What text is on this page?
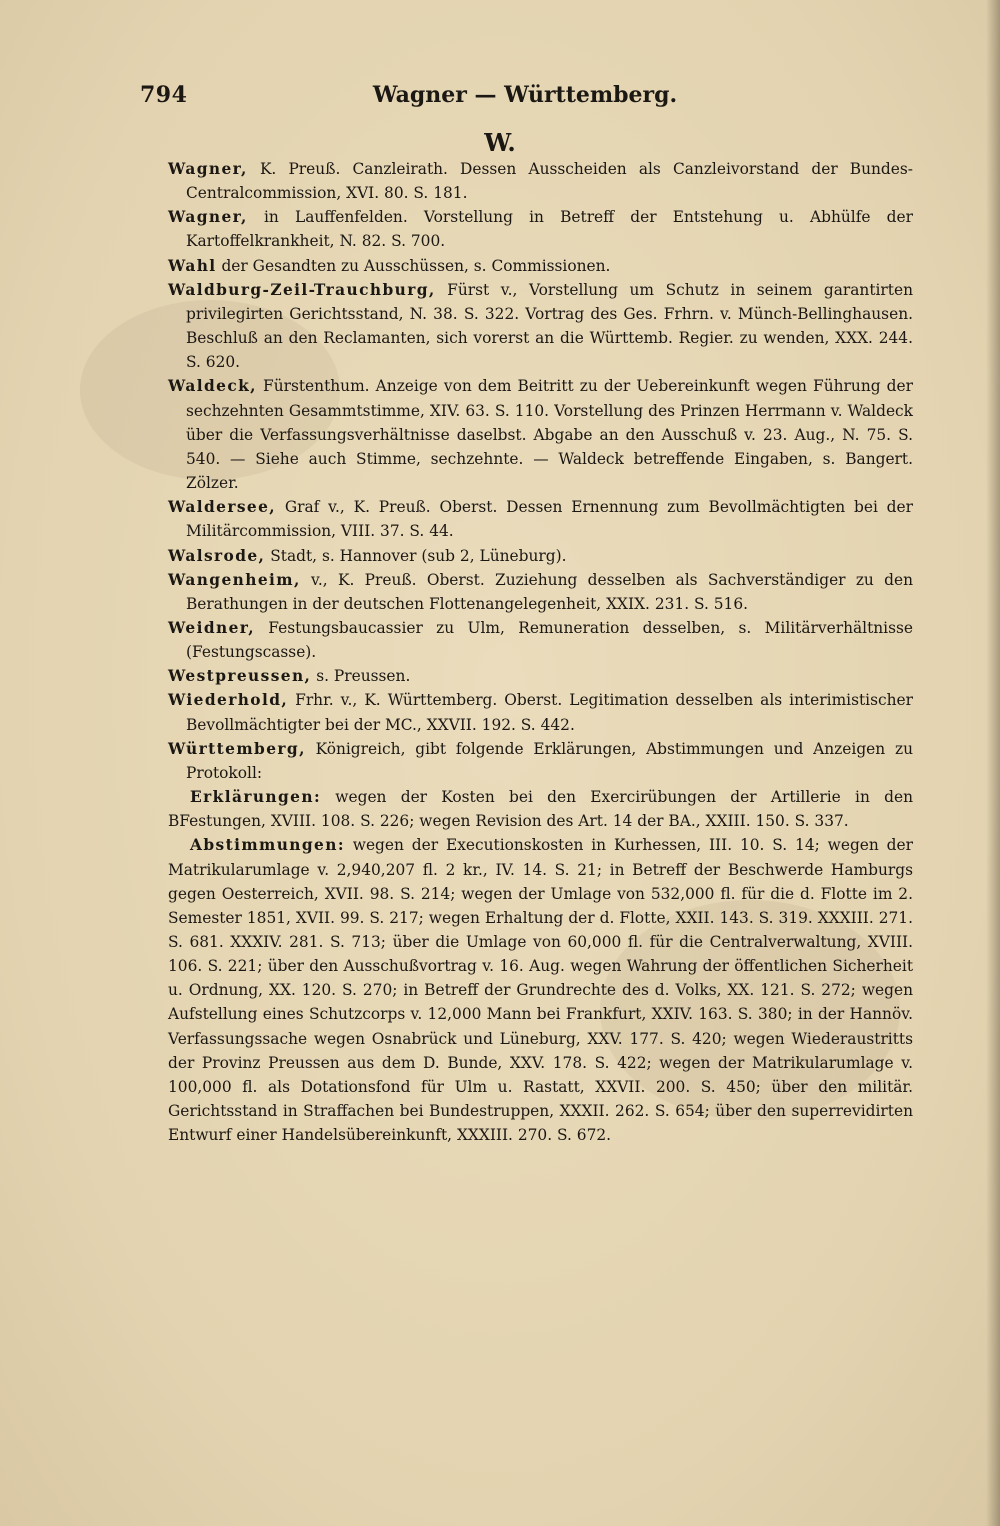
794	Wagner — Württemberg.
W.

Wagner, K. Preuß. Canzleirath. Dessen Ausscheiden als Canzleivorstand der Bundes-Centralcommission, XVI. 80. S. 181.

Wagner, in Lauffenfelden. Vorstellung in Betreff der Entstehung u. Abhülfe der Kartoffelkrankheit, N. 82. S. 700.

Wahl der Gesandten zu Ausschüssen, s. Commissionen.

Waldburg-Zeil-Trauchburg, Fürst v., Vorstellung um Schutz in seinem garantirten privilegirten Gerichtsstand, N. 38. S. 322. Vortrag des Ges. Frhrn. v. Münch-Bellinghausen. Beschluß an den Reclamanten, sich vorerst an die Württemb. Regier. zu wenden, XXX. 244. S. 620.

Waldeck, Fürstenthum. Anzeige von dem Beitritt zu der Uebereinkunft wegen Führung der sechzehnten Gesammtstimme, XIV. 63. S. 110. Vorstellung des Prinzen Herrmann v. Waldeck über die Verfassungsverhältnisse daselbst. Abgabe an den Ausschuß v. 23. Aug., N. 75. S. 540. — Siehe auch Stimme, sechzehnte. — Waldeck betreffende Eingaben, s. Bangert. Zölzer.

Waldersee, Graf v., K. Preuß. Oberst. Dessen Ernennung zum Bevollmächtigten bei der Militärcommission, VIII. 37. S. 44.

Walsrode, Stadt, s. Hannover (sub 2, Lüneburg).

Wangenheim, v., K. Preuß. Oberst. Zuziehung desselben als Sachverständiger zu den Berathungen in der deutschen Flottenangelegenheit, XXIX. 231. S. 516.

Weidner, Festungsbaucassier zu Ulm, Remuneration desselben, s. Militärverhältnisse (Festungscasse).

Westpreussen, s. Preussen.

Wiederhold, Frhr. v., K. Württemberg. Oberst. Legitimation desselben als interimistischer Bevollmächtigter bei der MC., XXVII. 192. S. 442.

Württemberg, Königreich, gibt folgende Erklärungen, Abstimmungen und Anzeigen zu Protokoll:

Erklärungen: wegen der Kosten bei den Exercirübungen der Artillerie in den BFestungen, XVIII. 108. S. 226; wegen Revision des Art. 14 der BA., XXIII. 150. S. 337.

Abstimmungen: wegen der Executionskosten in Kurhessen, III. 10. S. 14; wegen der Matrikularumlage v. 2,940,207 fl. 2 kr., IV. 14. S. 21; in Betreff der Beschwerde Hamburgs gegen Oesterreich, XVII. 98. S. 214; wegen der Umlage von 532,000 fl. für die d. Flotte im 2. Semester 1851, XVII. 99. S. 217; wegen Erhaltung der d. Flotte, XXII. 143. S. 319. XXXIII. 271. S. 681. XXXIV. 281. S. 713; über die Umlage von 60,000 fl. für die Centralverwaltung, XVIII. 106. S. 221; über den Ausschußvortrag v. 16. Aug. wegen Wahrung der öffentlichen Sicherheit u. Ordnung, XX. 120. S. 270; in Betreff der Grundrechte des d. Volks, XX. 121. S. 272; wegen Aufstellung eines Schutzcorps v. 12,000 Mann bei Frankfurt, XXIV. 163. S. 380; in der Hannöv. Verfassungssache wegen Osnabrück und Lüneburg, XXV. 177. S. 420; wegen Wiederaustritts der Provinz Preussen aus dem D. Bunde, XXV. 178. S. 422; wegen der Matrikularumlage v. 100,000 fl. als Dotationsfond für Ulm u. Rastatt, XXVII. 200. S. 450; über den militär. Gerichtsstand in Straffachen bei Bundestruppen, XXXII. 262. S. 654; über den superrevidirten Entwurf einer Handelsübereinkunft, XXXIII. 270. S. 672.
